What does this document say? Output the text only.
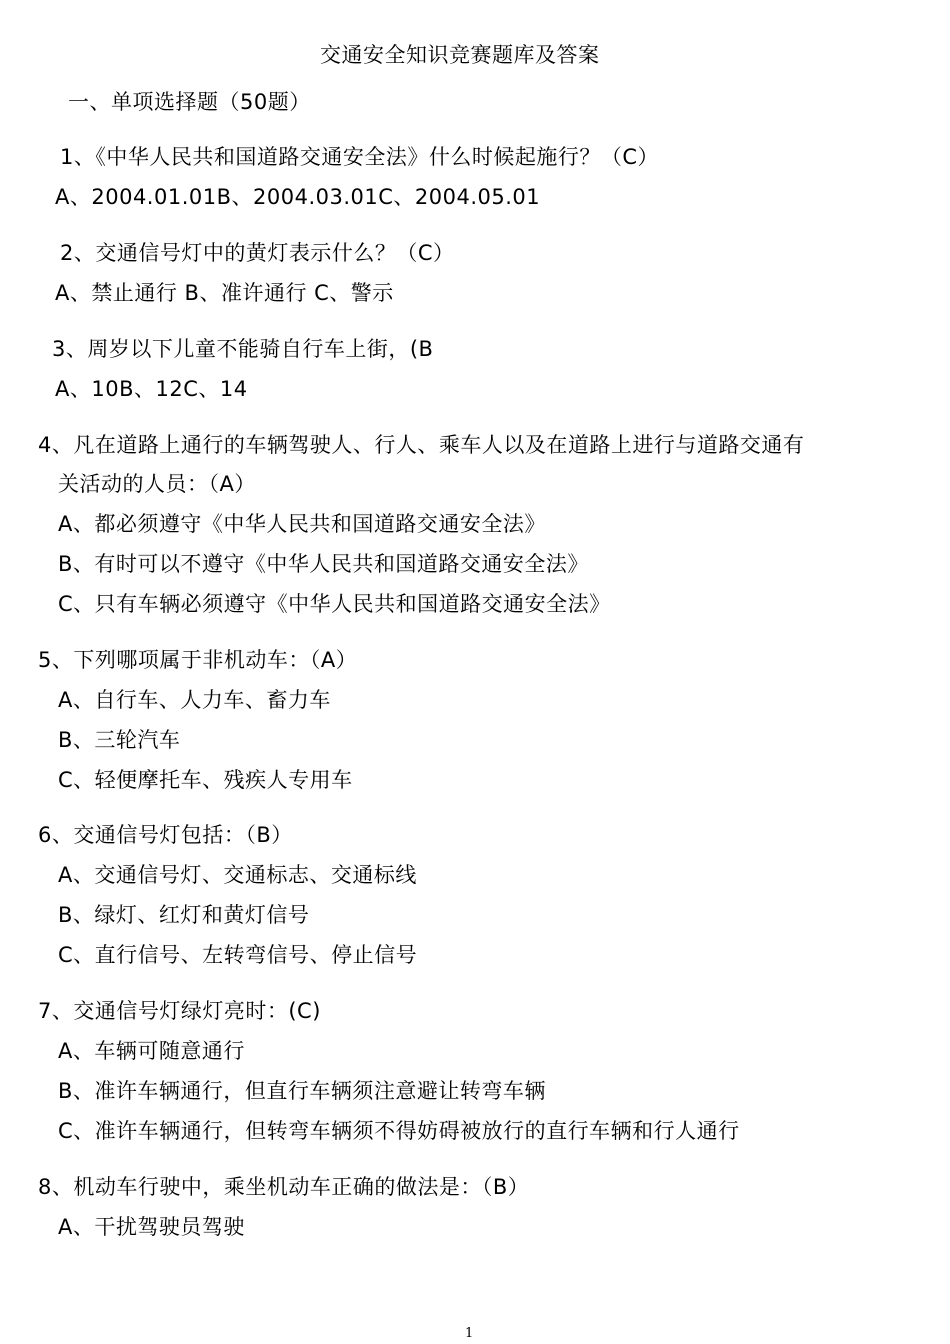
交通安全知识竞赛题库及答案
一、单项选择题（50题）
1、《中华人民共和国道路交通安全法》什么时候起施行？（C）
A、2004.01.01B、2004.03.01C、2004.05.01
2、交通信号灯中的黄灯表示什么？（C）
A、禁止通行 B、准许通行 C、警示
3、周岁以下儿童不能骑自行车上街，(B
A、10B、12C、14
4、凡在道路上通行的车辆驾驶人、行人、乘车人以及在道路上进行与道路交通有
关活动的人员：（A）
A、都必须遵守《中华人民共和国道路交通安全法》
B、有时可以不遵守《中华人民共和国道路交通安全法》
C、只有车辆必须遵守《中华人民共和国道路交通安全法》
5、下列哪项属于非机动车：（A）
A、自行车、人力车、畜力车
B、三轮汽车
C、轻便摩托车、残疾人专用车
6、交通信号灯包括：（B）
A、交通信号灯、交通标志、交通标线
B、绿灯、红灯和黄灯信号
C、直行信号、左转弯信号、停止信号
7、交通信号灯绿灯亮时：(C)
A、车辆可随意通行
B、准许车辆通行，但直行车辆须注意避让转弯车辆
C、准许车辆通行，但转弯车辆须不得妨碍被放行的直行车辆和行人通行
8、机动车行驶中，乘坐机动车正确的做法是：（B）
A、干扰驾驶员驾驶
1
